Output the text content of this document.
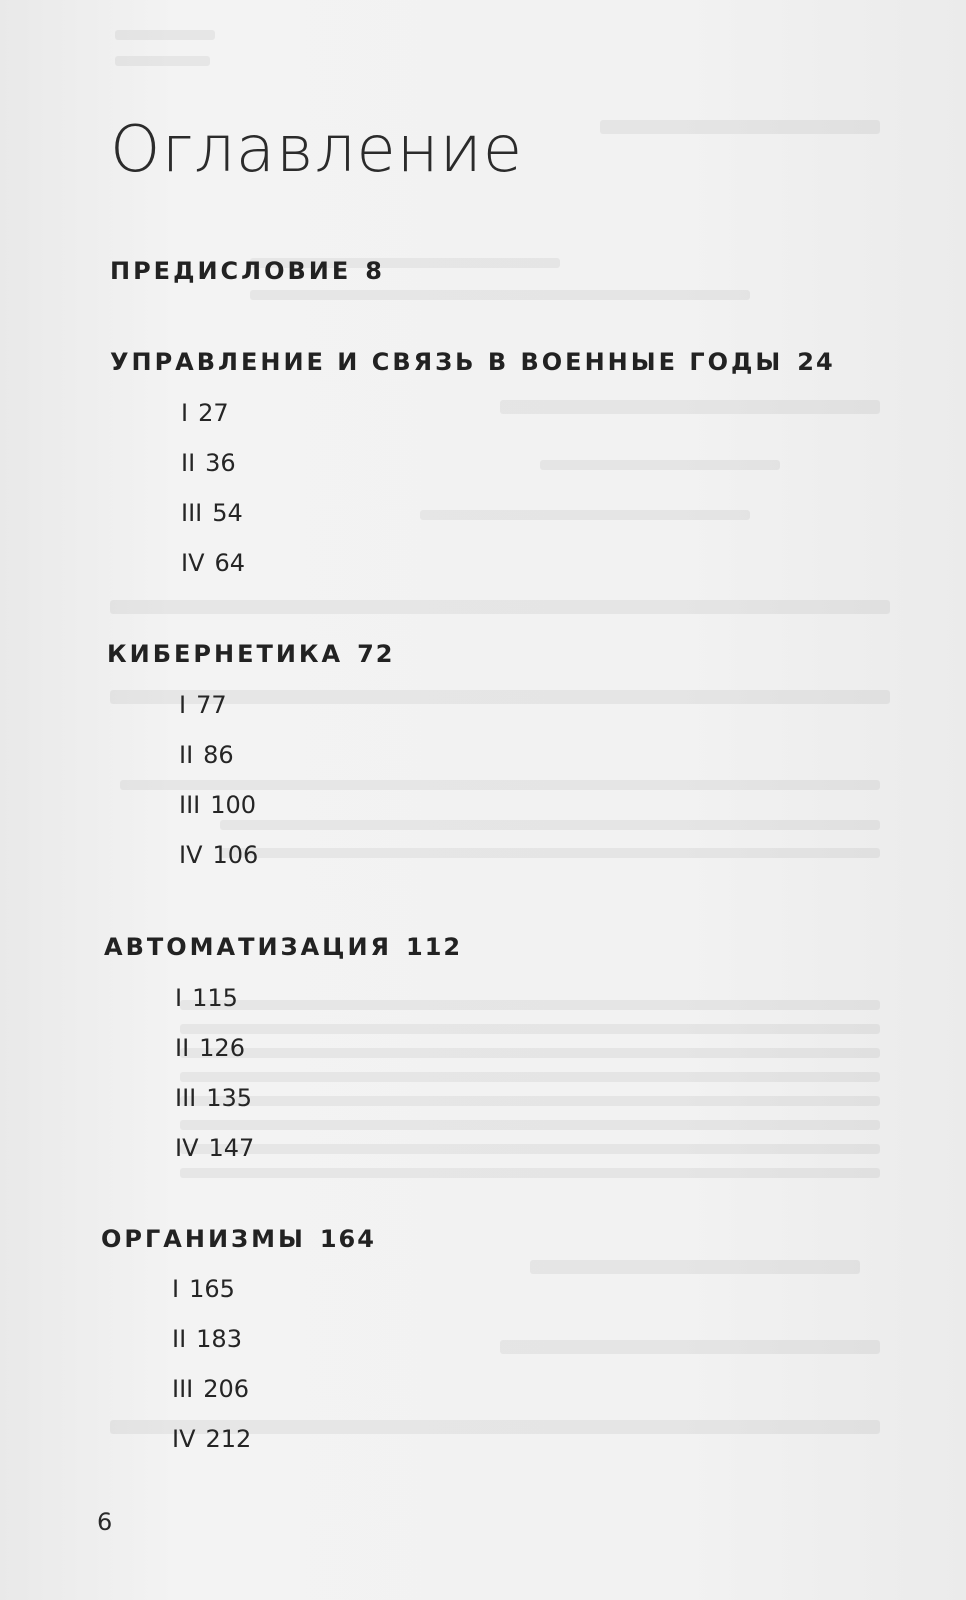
Оглавление
ПРЕДИСЛОВИЕ 8
УПРАВЛЕНИЕ И СВЯЗЬ В ВОЕННЫЕ ГОДЫ 24
I 27
II 36
III 54
IV 64
КИБЕРНЕТИКА 72
I 77
II 86
III 100
IV 106
АВТОМАТИЗАЦИЯ 112
I 115
II 126
III 135
IV 147
ОРГАНИЗМЫ 164
I 165
II 183
III 206
IV 212
6
